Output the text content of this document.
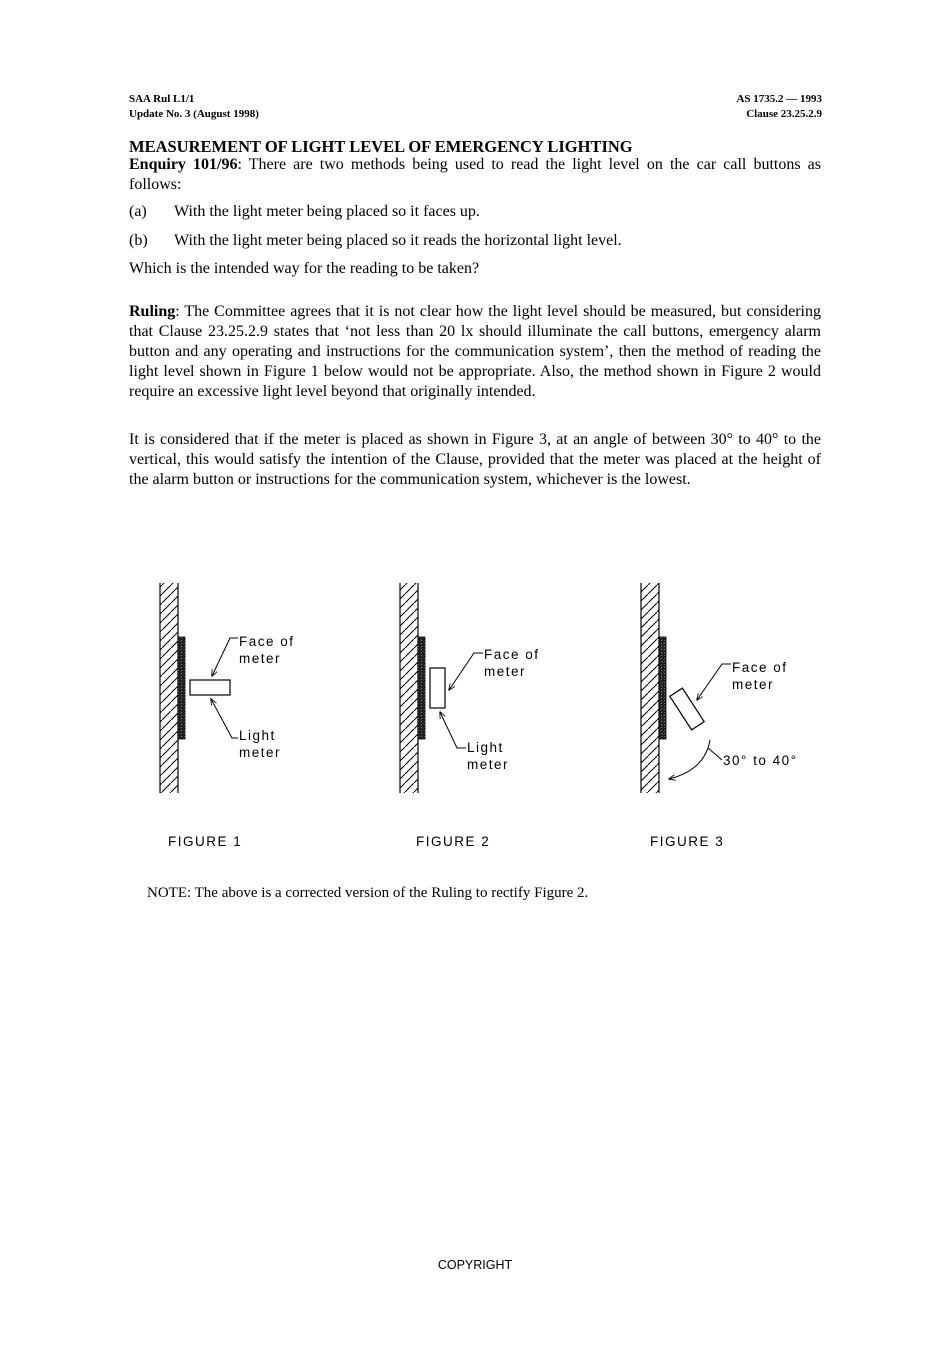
SAA Rul L1/1
Update No. 3 (August 1998)
AS 1735.2 — 1993
Clause 23.25.2.9
MEASUREMENT OF LIGHT LEVEL OF EMERGENCY LIGHTING
Enquiry 101/96: There are two methods being used to read the light level on the car call buttons as follows:
(a) With the light meter being placed so it faces up.
(b) With the light meter being placed so it reads the horizontal light level.
Which is the intended way for the reading to be taken?
Ruling: The Committee agrees that it is not clear how the light level should be measured, but considering that Clause 23.25.2.9 states that ‘not less than 20 lx should illuminate the call buttons, emergency alarm button and any operating and instructions for the communication system’, then the method of reading the light level shown in Figure 1 below would not be appropriate. Also, the method shown in Figure 2 would require an excessive light level beyond that originally intended.
It is considered that if the meter is placed as shown in Figure 3, at an angle of between 30° to 40° to the vertical, this would satisfy the intention of the Clause, provided that the meter was placed at the height of the alarm button or instructions for the communication system, whichever is the lowest.
Face of
meter
Light
meter
FIGURE 1
Face of
meter
Light
meter
FIGURE 2
Face of
meter
30° to 40°
FIGURE 3
NOTE: The above is a corrected version of the Ruling to rectify Figure 2.
COPYRIGHT
